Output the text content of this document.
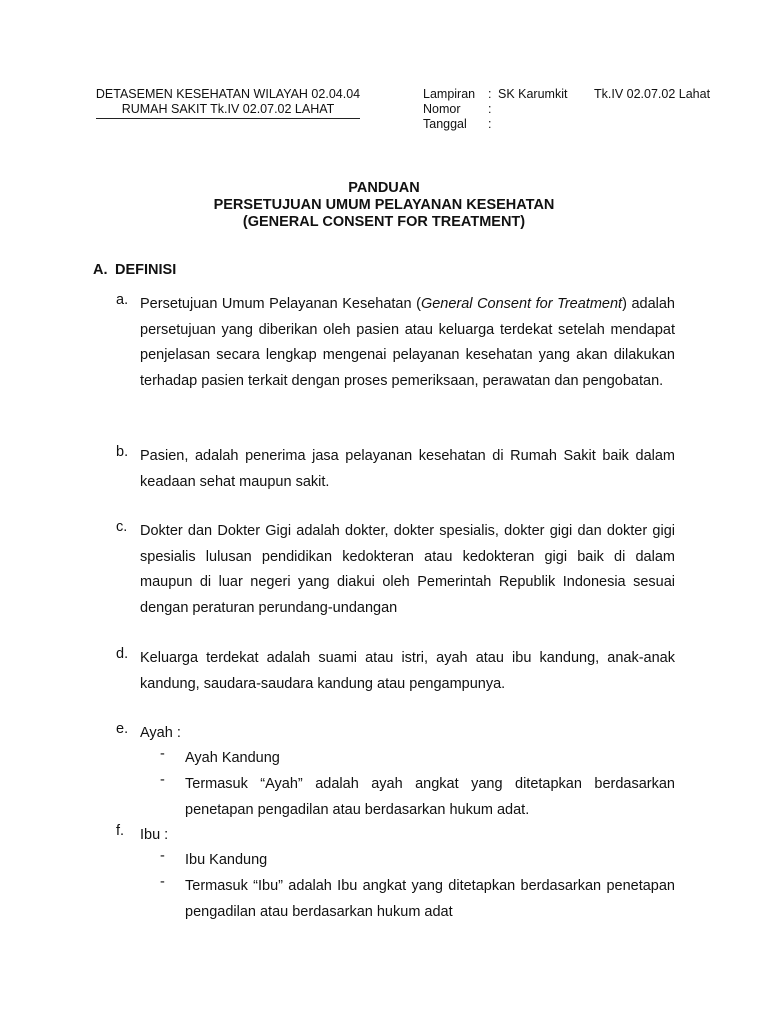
DETASEMEN KESEHATAN WILAYAH 02.04.04
RUMAH SAKIT Tk.IV 02.07.02 LAHAT
Lampiran	: SK Karumkit	Tk.IV 02.07.02 Lahat
Nomor	:
Tanggal	:
PANDUAN
PERSETUJUAN UMUM PELAYANAN KESEHATAN
(GENERAL CONSENT FOR TREATMENT)
A. DEFINISI
a. Persetujuan Umum Pelayanan Kesehatan (General Consent for Treatment) adalah persetujuan yang diberikan oleh pasien atau keluarga terdekat setelah mendapat penjelasan secara lengkap mengenai pelayanan kesehatan yang akan dilakukan terhadap pasien terkait dengan proses pemeriksaan, perawatan dan pengobatan.
b. Pasien, adalah penerima jasa pelayanan kesehatan di Rumah Sakit baik dalam keadaan sehat maupun sakit.
c. Dokter dan Dokter Gigi adalah dokter, dokter spesialis, dokter gigi dan dokter gigi spesialis lulusan pendidikan kedokteran atau kedokteran gigi baik di dalam maupun di luar negeri yang diakui oleh Pemerintah Republik Indonesia sesuai dengan peraturan perundang-undangan
d. Keluarga terdekat adalah suami atau istri, ayah atau ibu kandung, anak-anak kandung, saudara-saudara kandung atau pengampunya.
e. Ayah :
- Ayah Kandung
- Termasuk “Ayah” adalah ayah angkat yang ditetapkan berdasarkan penetapan pengadilan atau berdasarkan hukum adat.
f. Ibu :
- Ibu Kandung
- Termasuk “Ibu” adalah Ibu angkat yang ditetapkan berdasarkan penetapan pengadilan atau berdasarkan hukum adat
